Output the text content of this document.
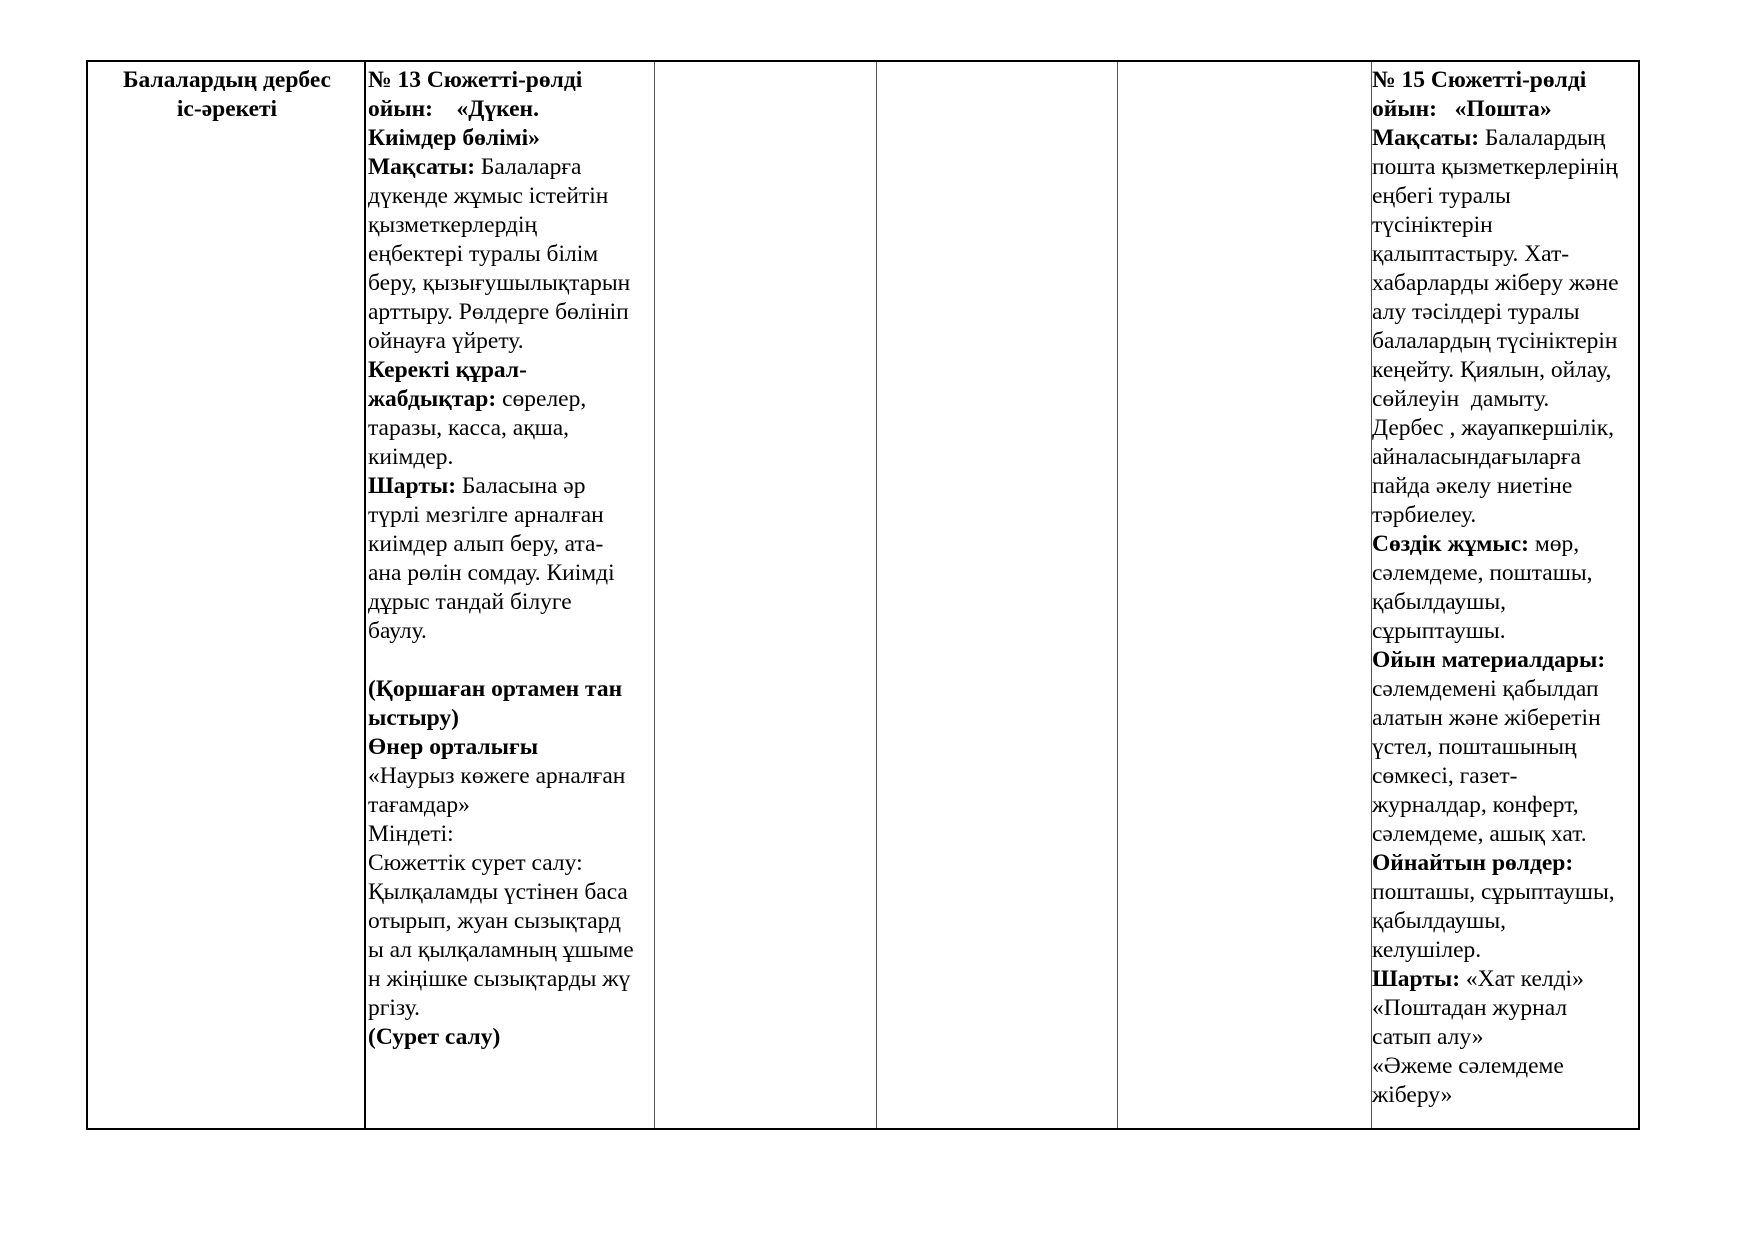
Балалардың дербес
іс-әрекеті
№ 13 Сюжетті-рөлді
ойын:    «Дүкен.
Киімдер бөлімі»
Мақсаты: Балаларға
дүкенде жұмыс істейтін
қызметкерлердің
еңбектері туралы білім
беру, қызығушылықтарын
арттыру. Рөлдерге бөлініп
ойнауға үйрету.
Керекті құрал-
жабдықтар: сөрелер,
таразы, касса, ақша,
киімдер.
Шарты: Баласына әр
түрлі мезгілге арналған
киімдер алып беру, ата-
ана рөлін сомдау. Киімді
дұрыс тандай білуге
баулу.
(Қоршаған ортамен тан
ыстыру)
Өнер орталығы
«Наурыз көжеге арналған
тағамдар»
Міндеті:
Сюжеттік сурет салу:
Қылқаламды үстінен баса
отырып, жуан сызықтард
ы ал қылқаламның ұшыме
н жіңішке сызықтарды жү
ргізу.
(Сурет салу)
№ 15 Сюжетті-рөлді
ойын:   «Пошта»
Мақсаты: Балалардың
пошта қызметкерлерінің
еңбегі туралы
түсініктерін
қалыптастыру. Хат-
хабарларды жіберу және
алу тәсілдері туралы
балалардың түсініктерін
кеңейту. Қиялын, ойлау,
сөйлеуін  дамыту.
Дербес , жауапкершілік,
айналасындағыларға
пайда әкелу ниетіне
тәрбиелеу.
Сөздік жұмыс: мөр,
сәлемдеме, пошташы,
қабылдаушы,
сұрыптаушы.
Ойын материалдары:
сәлемдемені қабылдап
алатын және жіберетін
үстел, пошташының
сөмкесі, газет-
журналдар, конферт,
сәлемдеме, ашық хат.
Ойнайтын рөлдер:
пошташы, сұрыптаушы,
қабылдаушы,
келушілер.
Шарты: «Хат келді»
«Поштадан журнал
сатып алу»
«Әжеме сәлемдеме
жіберу»
